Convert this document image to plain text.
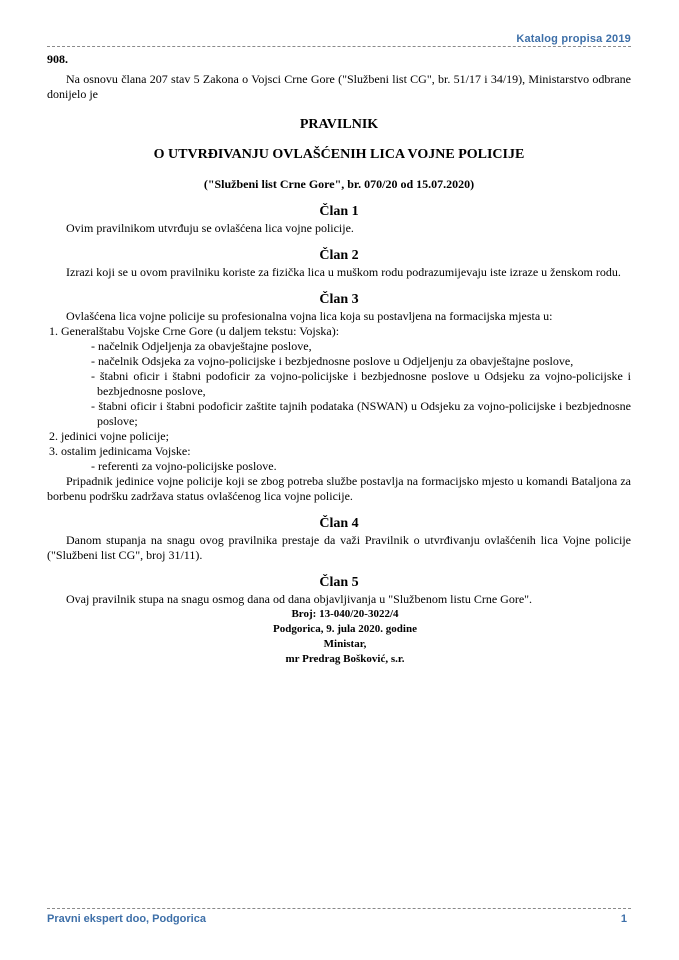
Katalog propisa 2019
908.

Na osnovu člana 207 stav 5 Zakona o Vojsci Crne Gore ("Službeni list CG", br. 51/17 i 34/19), Ministarstvo odbrane donijelo je

PRAVILNIK
O UTVRĐIVANJU OVLAŠĆENIH LICA VOJNE POLICIJE
("Službeni list Crne Gore", br. 070/20 od 15.07.2020)
Član 1

Ovim pravilnikom utvrđuju se ovlašćena lica vojne policije.

Član 2

Izrazi koji se u ovom pravilniku koriste za fizička lica u muškom rodu podrazumijevaju iste izraze u ženskom rodu.

Član 3

Ovlašćena lica vojne policije su profesionalna vojna lica koja su postavljena na formacijska mjesta u:

1. Generalštabu Vojske Crne Gore (u daljem tekstu: Vojska):

- načelnik Odjeljenja za obavještajne poslove,

- načelnik Odsjeka za vojno-policijske i bezbjednosne poslove u Odjeljenju za obavještajne poslove,

- štabni oficir i štabni podoficir za vojno-policijske i bezbjednosne poslove u Odsjeku za vojno-policijske i bezbjednosne poslove,

- štabni oficir i štabni podoficir zaštite tajnih podataka (NSWAN) u Odsjeku za vojno-policijske i bezbjednosne poslove;

2. jedinici vojne policije;

3. ostalim jedinicama Vojske:

- referenti za vojno-policijske poslove.

Pripadnik jedinice vojne policije koji se zbog potreba službe postavlja na formacijsko mjesto u komandi Bataljona za borbenu podršku zadržava status ovlašćenog lica vojne policije.

Član 4

Danom stupanja na snagu ovog pravilnika prestaje da važi Pravilnik o utvrđivanju ovlašćenih lica Vojne policije ("Službeni list CG", broj 31/11).

Član 5

Ovaj pravilnik stupa na snagu osmog dana od dana objavljivanja u "Službenom listu Crne Gore".

Broj: 13-040/20-3022/4
Podgorica, 9. jula 2020. godine
Ministar,
mr Predrag Bošković, s.r.
Pravni ekspert doo, Podgorica	1
